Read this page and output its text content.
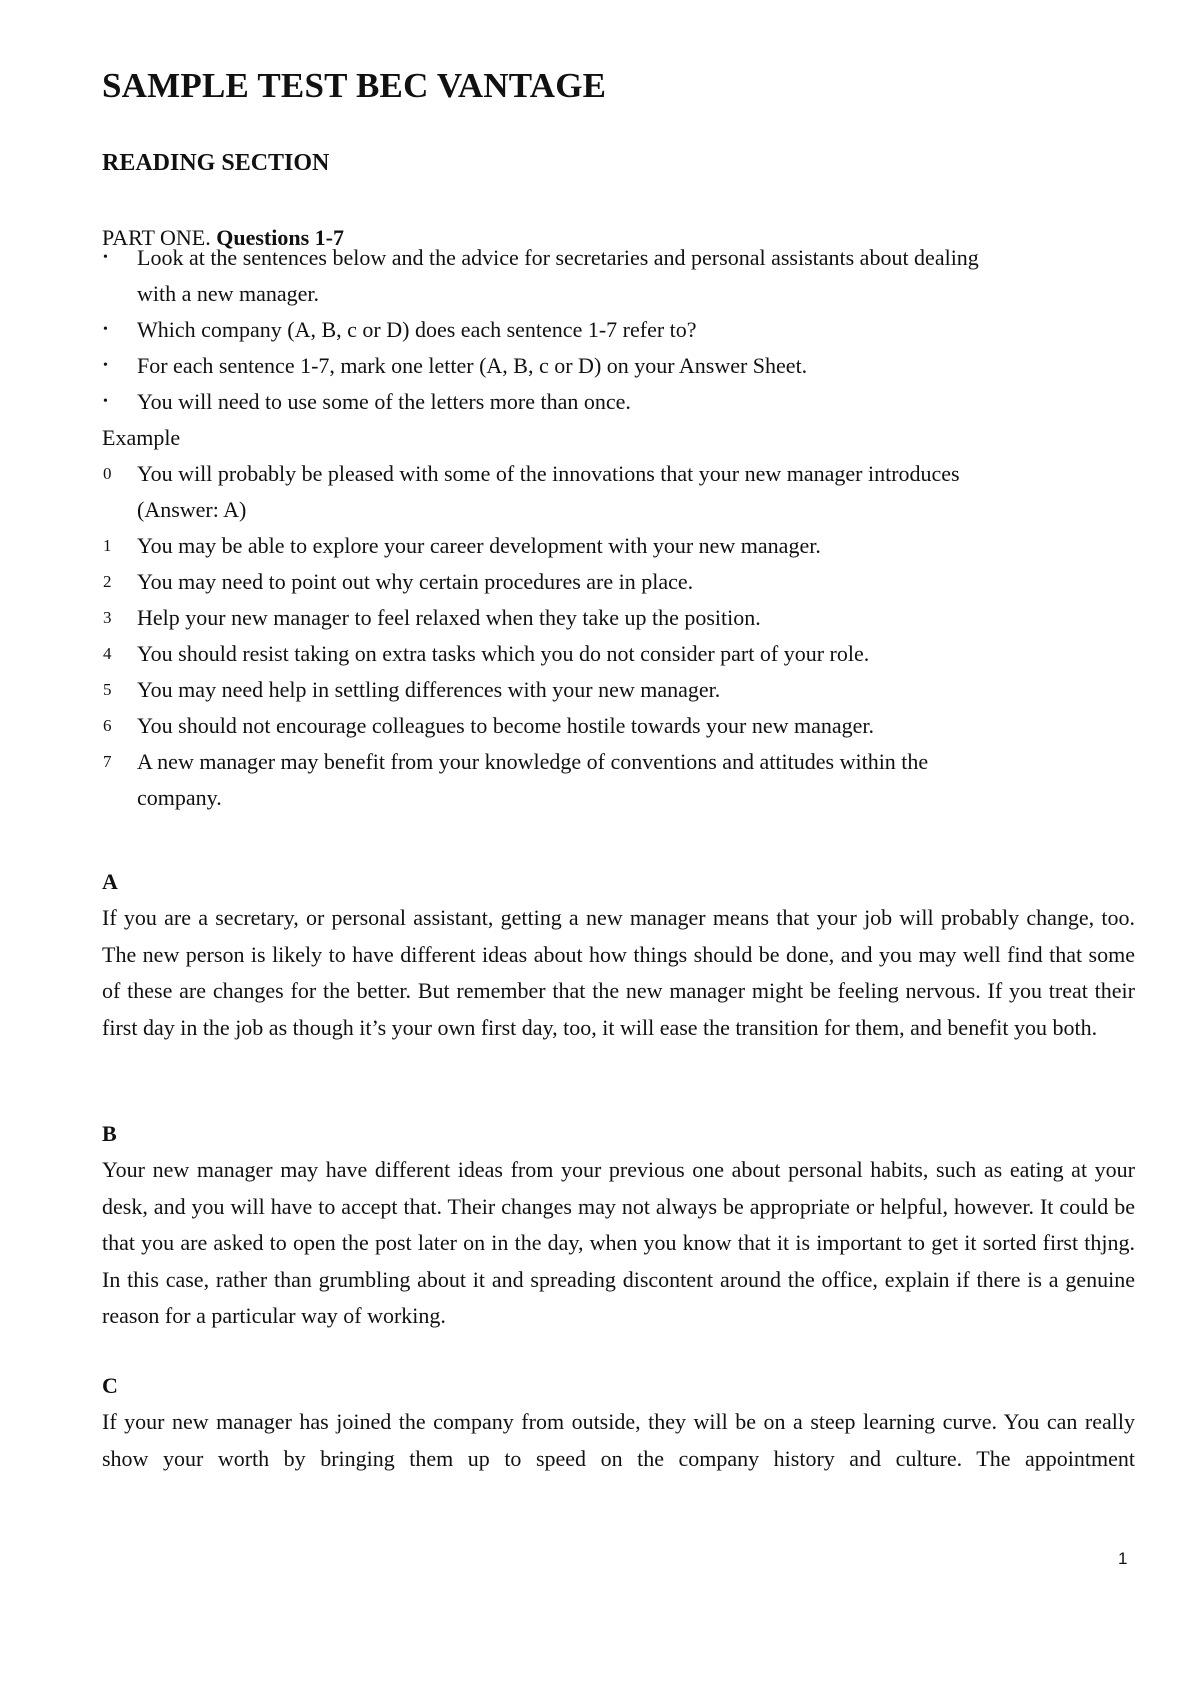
SAMPLE TEST BEC VANTAGE
READING SECTION

PART ONE. Questions 1-7

• Look at the sentences below and the advice for secretaries and personal assistants about dealing
with a new manager.
• Which company (A, B, c or D) does each sentence 1-7 refer to?
• For each sentence 1-7, mark one letter (A, B, c or D) on your Answer Sheet.
• You will need to use some of the letters more than once.
Example
0 You will probably be pleased with some of the innovations that your new manager introduces
(Answer: A)
1 You may be able to explore your career development with your new manager.
2 You may need to point out why certain procedures are in place.
3 Help your new manager to feel relaxed when they take up the position.
4 You should resist taking on extra tasks which you do not consider part of your role.
5 You may need help in settling differences with your new manager.
6 You should not encourage colleagues to become hostile towards your new manager.
7 A new manager may benefit from your knowledge of conventions and attitudes within the
company.
A

If you are a secretary, or personal assistant, getting a new manager means that your job will probably change, too. The new person is likely to have different ideas about how things should be done, and you may well find that some of these are changes for the better. But remember that the new manager might be feeling nervous. If you treat their first day in the job as though it’s your own first day, too, it will ease the transition for them, and benefit you both.

B

Your new manager may have different ideas from your previous one about personal habits, such as eating at your desk, and you will have to accept that. Their changes may not always be appropriate or helpful, however. It could be that you are asked to open the post later on in the day, when you know that it is important to get it sorted first thjng. In this case, rather than grumbling about it and spreading discontent around the office, explain if there is a genuine reason for a particular way of working.

C

If your new manager has joined the company from outside, they will be on a steep learning curve. You can really show your worth by bringing them up to speed on the company history and culture. The appointment

1
